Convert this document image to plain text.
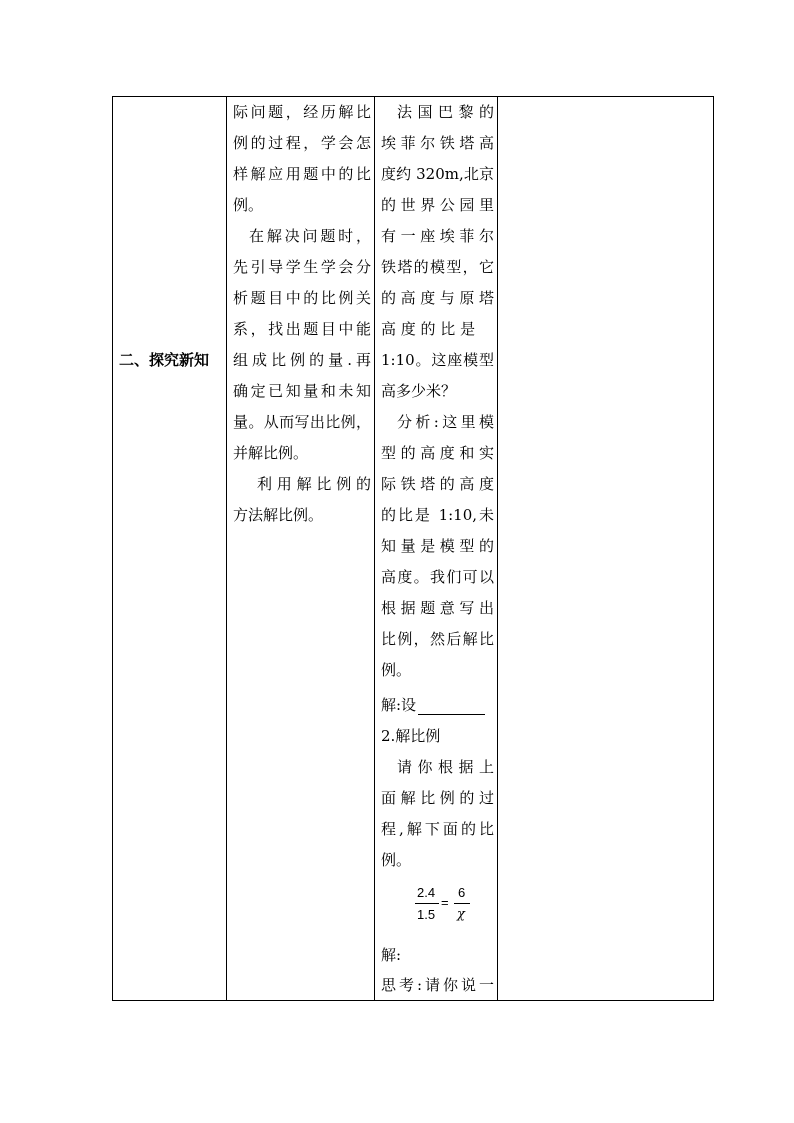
二、探究新知
际问题，经历解比
例的过程，学会怎
样解应用题中的比
例。
在解决问题时，
先引导学生学会分
析题目中的比例关
系，找出题目中能
组成比例的量.再
确定已知量和未知
量。从而写出比例，
并解比例。
利用解比例的
方法解比例。
法国巴黎的
埃菲尔铁塔高
度约 320m,北京
的世界公园里
有一座埃菲尔
铁塔的模型，它
的高度与原塔
高 度 的 比 是
1:10。这座模型
高多少米？
分析:这里模
型的高度和实
际铁塔的高度
的比是 1:10,未
知量是模型的
高度。我们可以
根据题意写出
比例，然后解比
例。
解:设
2.解比例
请你根据上
面解比例的过
程,解下面的比
例。
2.4
1.5
=
6
χ
解:
思考:请你说一
